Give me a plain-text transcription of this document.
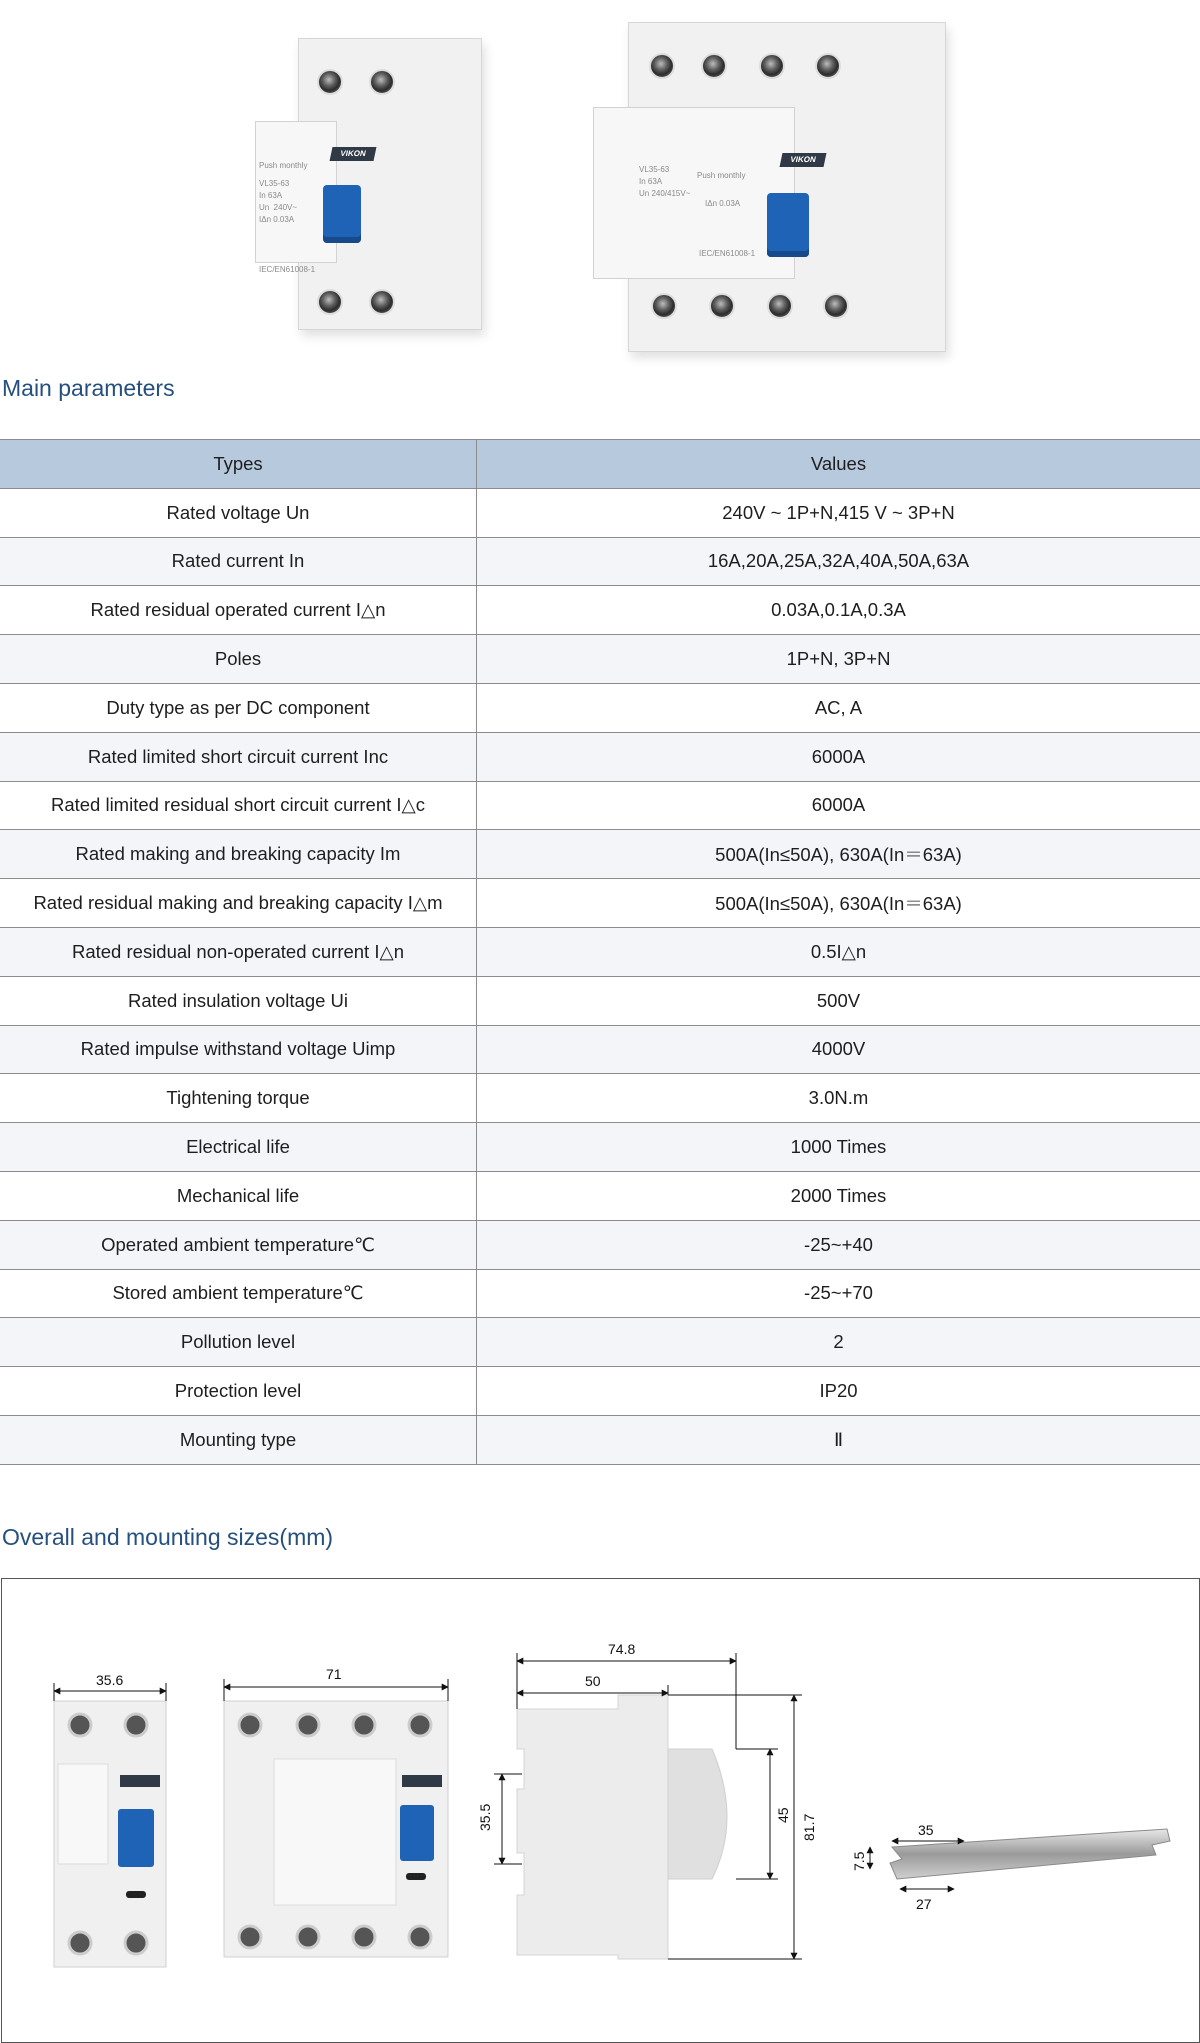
Push monthly
VL35-63
In 63A
Un  240V~
IΔn 0.03A
IEC/EN61008-1
VIKON
VL35-63
In 63A
Un 240/415V~
Push monthly
IΔn 0.03A
IEC/EN61008-1
VIKON
Main parameters
Types	Values
Rated voltage Un	240V ~ 1P+N,415 V ~ 3P+N
Rated current In	16A,20A,25A,32A,40A,50A,63A
Rated residual operated current I△n	0.03A,0.1A,0.3A
Poles	1P+N, 3P+N
Duty type as per DC component	AC, A
Rated limited short circuit current Inc	6000A
Rated limited residual short circuit current I△c	6000A
Rated making and breaking capacity Im	500A(In≤50A), 630A(In＝63A)
Rated residual making and breaking capacity I△m	500A(In≤50A), 630A(In＝63A)
Rated residual non-operated current I△n	0.5I△n
Rated insulation voltage Ui	500V
Rated impulse withstand voltage Uimp	4000V
Tightening torque	3.0N.m
Electrical life	1000 Times
Mechanical life	2000 Times
Operated ambient temperature℃	-25~+40
Stored ambient temperature℃	-25~+70
Pollution level	2
Protection level	IP20
Mounting type	Ⅱ
Overall and mounting sizes(mm)
35.6	71
74.8
50
35.5	45 81.7	35
7.5
27
